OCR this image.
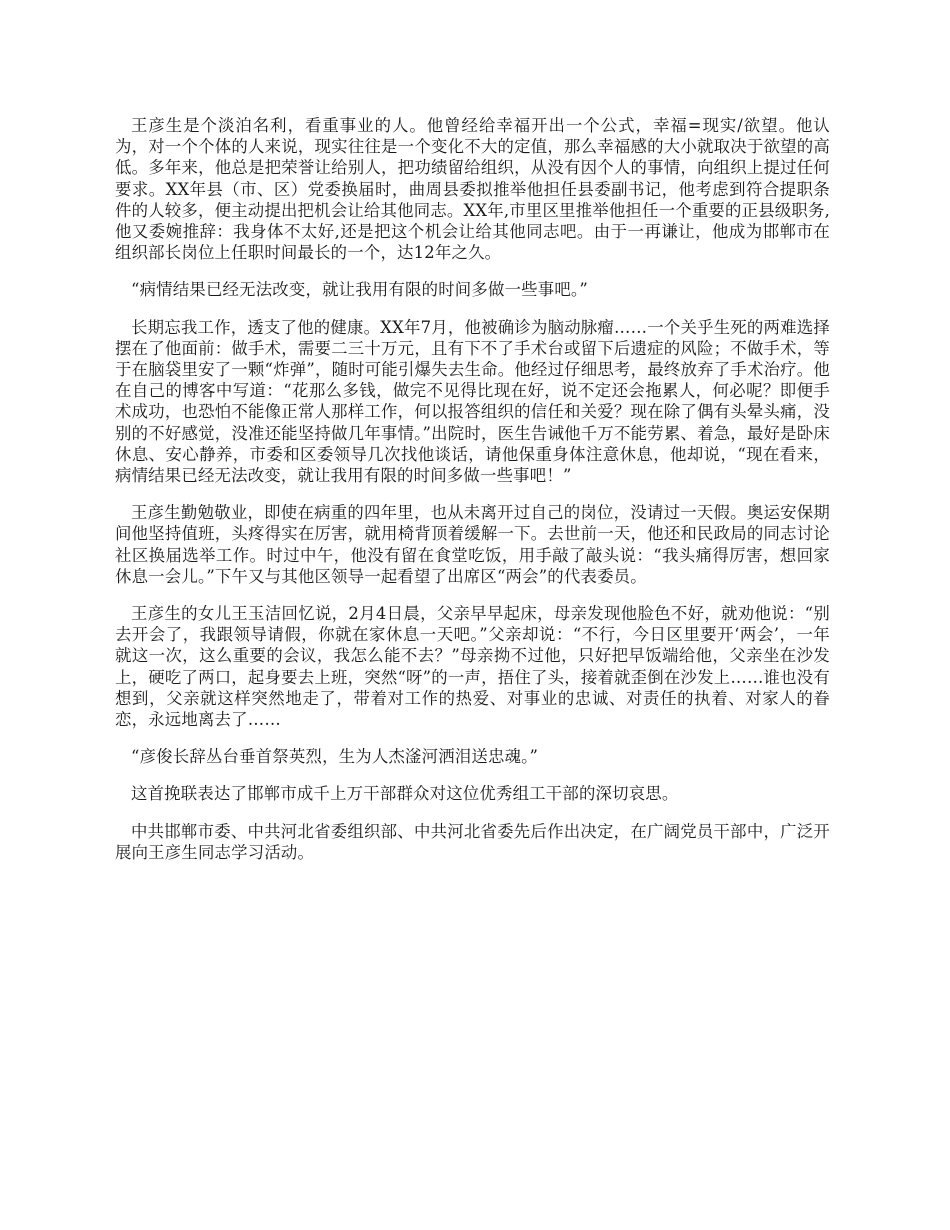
王彦生是个淡泊名利，看重事业的人。他曾经给幸福开出一个公式，幸福=现实/欲望。他认为，对一个个体的人来说，现实往往是一个变化不大的定值，那么幸福感的大小就取决于欲望的高低。多年来，他总是把荣誉让给别人，把功绩留给组织，从没有因个人的事情，向组织上提过任何要求。XX年县（市、区）党委换届时，曲周县委拟推举他担任县委副书记，他考虑到符合提职条件的人较多，便主动提出把机会让给其他同志。XX年,市里区里推举他担任一个重要的正县级职务,他又委婉推辞：我身体不太好,还是把这个机会让给其他同志吧。由于一再谦让，他成为邯郸市在组织部长岗位上任职时间最长的一个，达12年之久。

“病情结果已经无法改变，就让我用有限的时间多做一些事吧。”

长期忘我工作，透支了他的健康。XX年7月，他被确诊为脑动脉瘤……一个关乎生死的两难选择摆在了他面前：做手术，需要二三十万元，且有下不了手术台或留下后遗症的风险；不做手术，等于在脑袋里安了一颗“炸弹”，随时可能引爆失去生命。他经过仔细思考，最终放弃了手术治疗。他在自己的博客中写道：“花那么多钱，做完不见得比现在好，说不定还会拖累人，何必呢？即便手术成功，也恐怕不能像正常人那样工作，何以报答组织的信任和关爱？现在除了偶有头晕头痛，没别的不好感觉，没准还能坚持做几年事情。”出院时，医生告诫他千万不能劳累、着急，最好是卧床休息、安心静养，市委和区委领导几次找他谈话，请他保重身体注意休息，他却说，“现在看来，病情结果已经无法改变，就让我用有限的时间多做一些事吧！”

王彦生勤勉敬业，即使在病重的四年里，也从未离开过自己的岗位，没请过一天假。奥运安保期间他坚持值班，头疼得实在厉害，就用椅背顶着缓解一下。去世前一天，他还和民政局的同志讨论社区换届选举工作。时过中午，他没有留在食堂吃饭，用手敲了敲头说：“我头痛得厉害，想回家休息一会儿。”下午又与其他区领导一起看望了出席区“两会”的代表委员。

王彦生的女儿王玉洁回忆说，2月4日晨，父亲早早起床，母亲发现他脸色不好，就劝他说：“别去开会了，我跟领导请假，你就在家休息一天吧。”父亲却说：“不行，今日区里要开‘两会’，一年就这一次，这么重要的会议，我怎么能不去？”母亲拗不过他，只好把早饭端给他，父亲坐在沙发上，硬吃了两口，起身要去上班，突然“呀”的一声，捂住了头，接着就歪倒在沙发上……谁也没有想到，父亲就这样突然地走了，带着对工作的热爱、对事业的忠诚、对责任的执着、对家人的眷恋，永远地离去了……

“彦俊长辞丛台垂首祭英烈，生为人杰滏河洒泪送忠魂。”

这首挽联表达了邯郸市成千上万干部群众对这位优秀组工干部的深切哀思。

中共邯郸市委、中共河北省委组织部、中共河北省委先后作出决定，在广阔党员干部中，广泛开展向王彦生同志学习活动。
